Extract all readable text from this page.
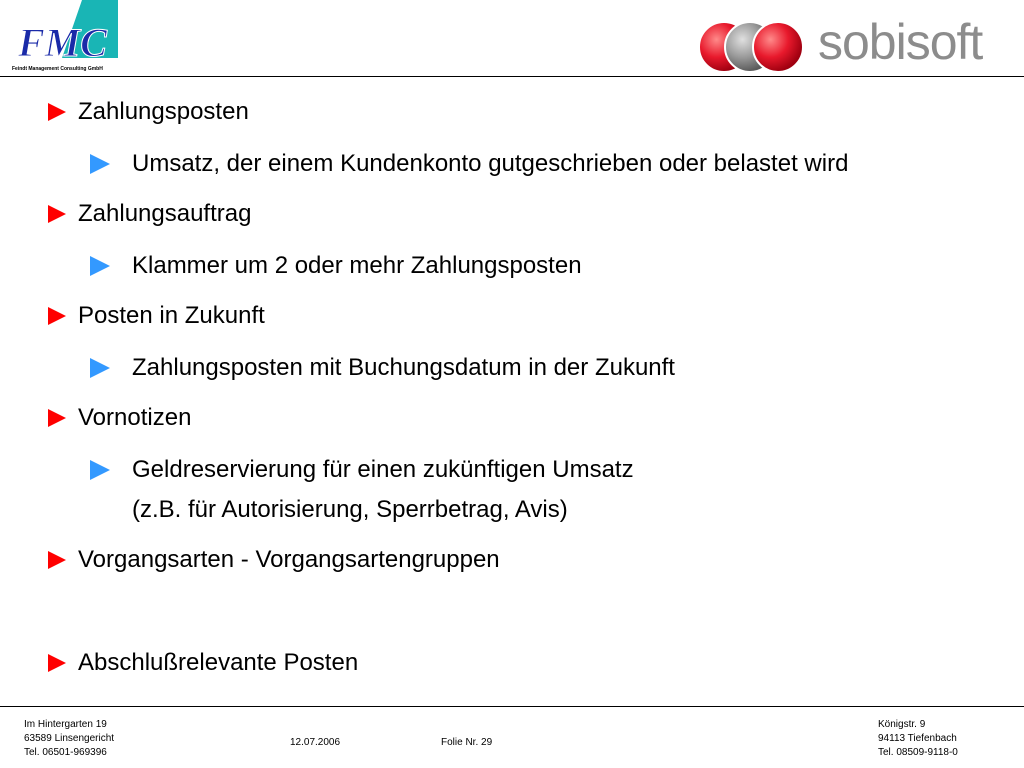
FMC
Feindt Management Consulting GmbH	sobisoft
Zahlungsposten
Umsatz, der einem Kundenkonto gutgeschrieben oder belastet wird
Zahlungsauftrag
Klammer um 2 oder mehr Zahlungsposten
Posten in Zukunft
Zahlungsposten mit Buchungsdatum in der Zukunft
Vornotizen
Geldreservierung für einen zukünftigen Umsatz
(z.B. für Autorisierung, Sperrbetrag, Avis)
Vorgangsarten - Vorgangsartengruppen
Abschlußrelevante Posten
Im Hintergarten 19
63589 Linsengericht
Tel. 06501-969396
12.07.2006	Folie Nr. 29
Königstr. 9
94113 Tiefenbach
Tel. 08509-9118-0
